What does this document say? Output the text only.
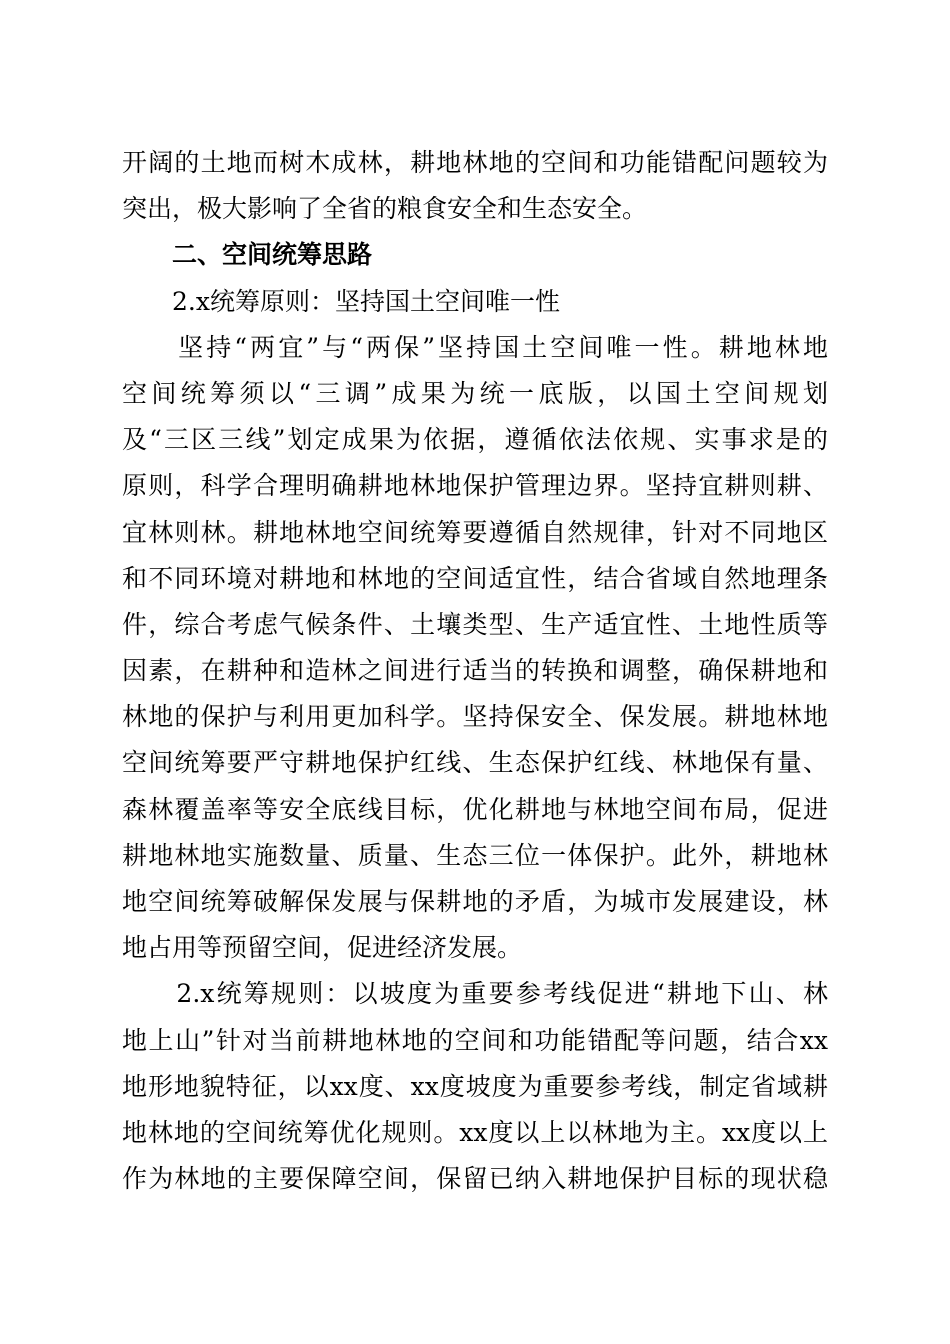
开阔的土地而树木成林，耕地林地的空间和功能错配问题较为
突出，极大影响了全省的粮食安全和生态安全。
二、空间统筹思路
2.x统筹原则：坚持国土空间唯一性
　　坚持“两宜”与“两保”坚持国土空间唯一性。耕地林地
空间统筹须以“三调”成果为统一底版，以国土空间规划
及“三区三线”划定成果为依据，遵循依法依规、实事求是的
原则，科学合理明确耕地林地保护管理边界。坚持宜耕则耕、
宜林则林。耕地林地空间统筹要遵循自然规律，针对不同地区
和不同环境对耕地和林地的空间适宜性，结合省域自然地理条
件，综合考虑气候条件、土壤类型、生产适宜性、土地性质等
因素，在耕种和造林之间进行适当的转换和调整，确保耕地和
林地的保护与利用更加科学。坚持保安全、保发展。耕地林地
空间统筹要严守耕地保护红线、生态保护红线、林地保有量、
森林覆盖率等安全底线目标，优化耕地与林地空间布局，促进
耕地林地实施数量、质量、生态三位一体保护。此外，耕地林
地空间统筹破解保发展与保耕地的矛盾，为城市发展建设，林
地占用等预留空间，促进经济发展。
　　2.x统筹规则：以坡度为重要参考线促进“耕地下山、林
地上山”针对当前耕地林地的空间和功能错配等问题，结合xx
地形地貌特征，以xx度、xx度坡度为重要参考线，制定省域耕
地林地的空间统筹优化规则。xx度以上以林地为主。xx度以上
作为林地的主要保障空间，保留已纳入耕地保护目标的现状稳
